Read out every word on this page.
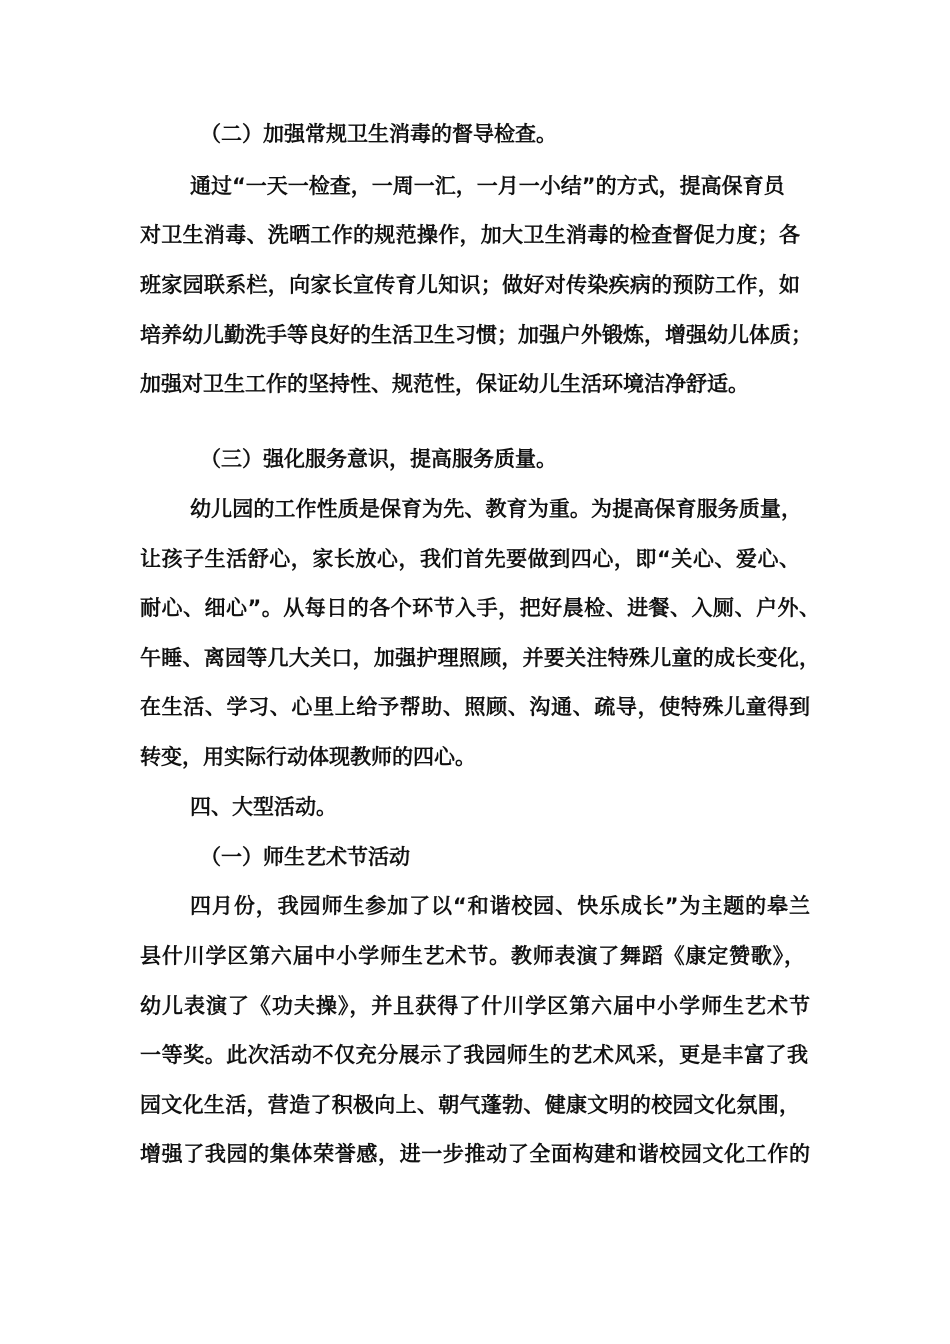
（二）加强常规卫生消毒的督导检查。
通过“一天一检查，一周一汇，一月一小结”的方式，提高保育员
对卫生消毒、洗晒工作的规范操作，加大卫生消毒的检查督促力度；各
班家园联系栏，向家长宣传育儿知识；做好对传染疾病的预防工作，如
培养幼儿勤洗手等良好的生活卫生习惯；加强户外锻炼，增强幼儿体质；
加强对卫生工作的坚持性、规范性，保证幼儿生活环境洁净舒适。
（三）强化服务意识，提高服务质量。
幼儿园的工作性质是保育为先、教育为重。为提高保育服务质量，
让孩子生活舒心，家长放心，我们首先要做到四心，即“关心、爱心、
耐心、细心”。从每日的各个环节入手，把好晨检、进餐、入厕、户外、
午睡、离园等几大关口，加强护理照顾，并要关注特殊儿童的成长变化，
在生活、学习、心里上给予帮助、照顾、沟通、疏导，使特殊儿童得到
转变，用实际行动体现教师的四心。
四、大型活动。
（一）师生艺术节活动
四月份，我园师生参加了以“和谐校园、快乐成长”为主题的皋兰
县什川学区第六届中小学师生艺术节。教师表演了舞蹈《康定赞歌》，
幼儿表演了《功夫操》，并且获得了什川学区第六届中小学师生艺术节
一等奖。此次活动不仅充分展示了我园师生的艺术风采，更是丰富了我
园文化生活，营造了积极向上、朝气蓬勃、健康文明的校园文化氛围，
增强了我园的集体荣誉感，进一步推动了全面构建和谐校园文化工作的
